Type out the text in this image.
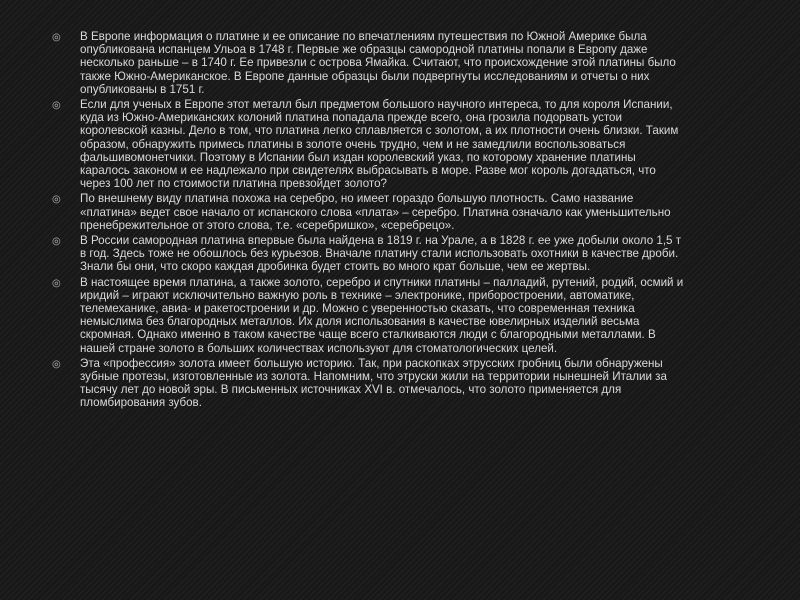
◎	В Европе информация о платине и ее описание по впечатлениям путешествия по Южной Америке была опубликована испанцем Ульоа в 1748 г. Первые же образцы самородной платины попали в Европу даже несколько раньше – в 1740 г. Ее привезли с острова Ямайка. Считают, что происхождение этой платины было также Южно-Американское. В Европе данные образцы были подвергнуты исследованиям и отчеты о них опубликованы в 1751 г.
◎	Если для ученых в Европе этот металл был предметом большого научного интереса, то для короля Испании, куда из Южно-Американских колоний платина попадала прежде всего, она грозила подорвать устои королевской казны. Дело в том, что платина легко сплавляется с золотом, а их плотности очень близки. Таким образом, обнаружить примесь платины в золоте очень трудно, чем и не замедлили воспользоваться фальшивомонетчики. Поэтому в Испании был издан королевский указ, по которому хранение платины каралось законом и ее надлежало при свидетелях выбрасывать в море. Разве мог король догадаться, что через 100 лет по стоимости платина превзойдет золото?
◎	По внешнему виду платина похожа на серебро, но имеет гораздо большую плотность. Само название «платина» ведет свое начало от испанского слова «плата» – серебро. Платина означало как уменьшительно пренебрежительное от этого слова, т.е. «серебришко», «серебрецо».
◎	В России самородная платина впервые была найдена в 1819 г. на Урале, а в 1828 г. ее уже добыли около 1,5 т в год. Здесь тоже не обошлось без курьезов. Вначале платину стали использовать охотники в качестве дроби. Знали бы они, что скоро каждая дробинка будет стоить во много крат больше, чем ее жертвы.
◎	В настоящее время платина, а также золото, серебро и спутники платины – палладий, рутений, родий, осмий и иридий – играют исключительно важную роль в технике – электронике, приборостроении, автоматике, телемеханике, авиа- и ракетостроении и др. Можно с уверенностью сказать, что современная техника немыслима без благородных металлов. Их доля использования в качестве ювелирных изделий весьма скромная. Однако именно в таком качестве чаще всего сталкиваются люди с благородными металлами. В нашей стране золото в больших количествах используют для стоматологических целей.
◎	Эта «профессия» золота имеет большую историю. Так, при раскопках этрусских гробниц были обнаружены зубные протезы, изготовленные из золота. Напомним, что этруски жили на территории нынешней Италии за тысячу лет до новой эры. В письменных источниках XVI в. отмечалось, что золото применяется для пломбирования зубов.
